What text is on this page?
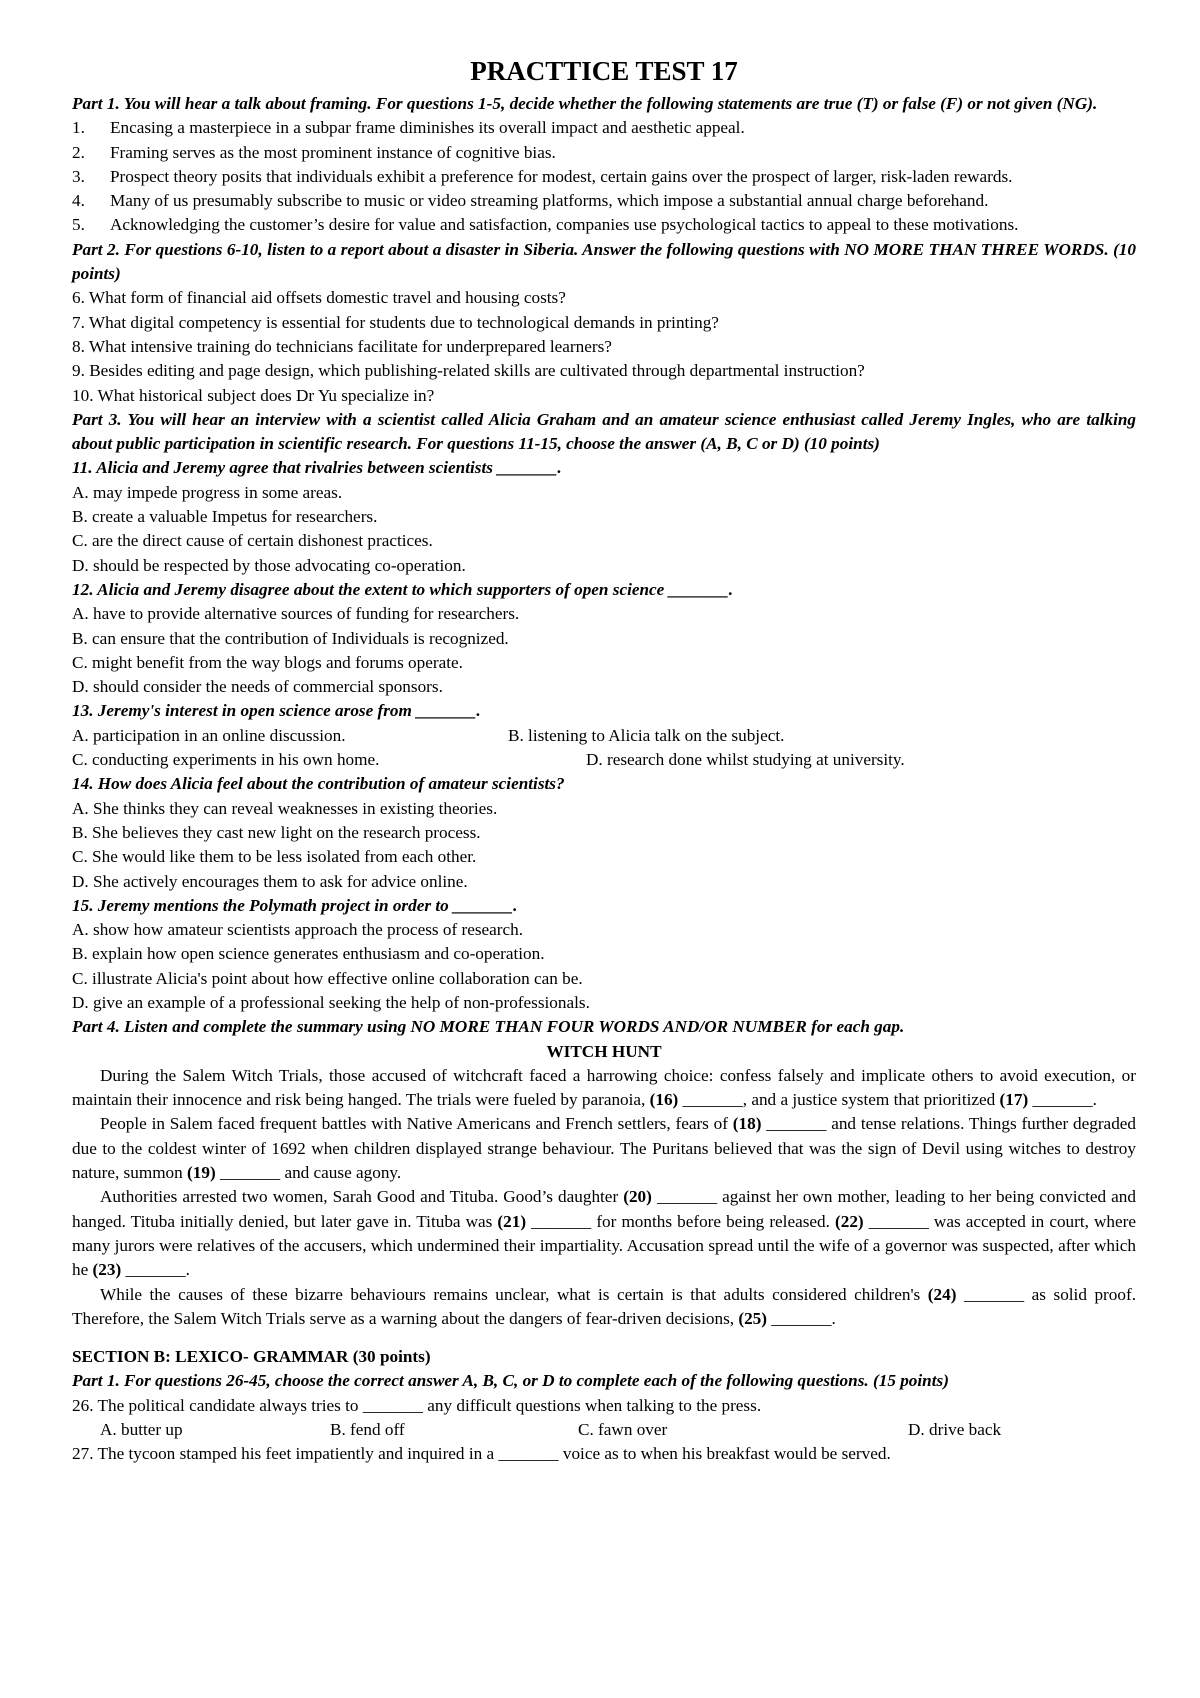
PRACTTICE TEST 17
Part 1. You will hear a talk about framing. For questions 1-5, decide whether the following statements are true (T) or false (F) or not given (NG).
1.	Encasing a masterpiece in a subpar frame diminishes its overall impact and aesthetic appeal.
2.	Framing serves as the most prominent instance of cognitive bias.
3.	Prospect theory posits that individuals exhibit a preference for modest, certain gains over the prospect of larger, risk-laden rewards.
4.	Many of us presumably subscribe to music or video streaming platforms, which impose a substantial annual charge beforehand.
5.	Acknowledging the customer’s desire for value and satisfaction, companies use psychological tactics to appeal to these motivations.
Part 2. For questions 6-10, listen to a report about a disaster in Siberia. Answer the following questions with NO MORE THAN THREE WORDS. (10 points)
6. What form of financial aid offsets domestic travel and housing costs?
7. What digital competency is essential for students due to technological demands in printing?
8. What intensive training do technicians facilitate for underprepared learners?
9. Besides editing and page design, which publishing-related skills are cultivated through departmental instruction?
10. What historical subject does Dr Yu specialize in?
Part 3. You will hear an interview with a scientist called Alicia Graham and an amateur science enthusiast called Jeremy Ingles, who are talking about public participation in scientific research. For questions 11-15, choose the answer (A, B, C or D) (10 points)
11. Alicia and Jeremy agree that rivalries between scientists _______.
A. may impede progress in some areas.
B. create a valuable Impetus for researchers.
C. are the direct cause of certain dishonest practices.
D. should be respected by those advocating co-operation.
12. Alicia and Jeremy disagree about the extent to which supporters of open science _______.
A. have to provide alternative sources of funding for researchers.
B. can ensure that the contribution of Individuals is recognized.
C. might benefit from the way blogs and forums operate.
D. should consider the needs of commercial sponsors.
13. Jeremy's interest in open science arose from _______.
A. participation in an online discussion.	B. listening to Alicia talk on the subject.
C. conducting experiments in his own home.	D. research done whilst studying at university.
14. How does Alicia feel about the contribution of amateur scientists?
A. She thinks they can reveal weaknesses in existing theories.
B. She believes they cast new light on the research process.
C. She would like them to be less isolated from each other.
D. She actively encourages them to ask for advice online.
15. Jeremy mentions the Polymath project in order to _______.
A. show how amateur scientists approach the process of research.
B. explain how open science generates enthusiasm and co-operation.
C. illustrate Alicia's point about how effective online collaboration can be.
D. give an example of a professional seeking the help of non-professionals.
Part 4. Listen and complete the summary using NO MORE THAN FOUR WORDS AND/OR NUMBER for each gap.
WITCH HUNT
During the Salem Witch Trials, those accused of witchcraft faced a harrowing choice: confess falsely and implicate others to avoid execution, or maintain their innocence and risk being hanged. The trials were fueled by paranoia, (16) _______, and a justice system that prioritized (17) _______.
People in Salem faced frequent battles with Native Americans and French settlers, fears of (18) _______ and tense relations. Things further degraded due to the coldest winter of 1692 when children displayed strange behaviour. The Puritans believed that was the sign of Devil using witches to destroy nature, summon (19) _______ and cause agony.
Authorities arrested two women, Sarah Good and Tituba. Good’s daughter (20) _______ against her own mother, leading to her being convicted and hanged. Tituba initially denied, but later gave in. Tituba was (21) _______ for months before being released. (22) _______ was accepted in court, where many jurors were relatives of the accusers, which undermined their impartiality. Accusation spread until the wife of a governor was suspected, after which he (23) _______.
While the causes of these bizarre behaviours remains unclear, what is certain is that adults considered children's (24) _______ as solid proof. Therefore, the Salem Witch Trials serve as a warning about the dangers of fear-driven decisions, (25) _______.
SECTION B: LEXICO- GRAMMAR (30 points)
Part 1. For questions 26-45, choose the correct answer A, B, C, or D to complete each of the following questions. (15 points)
26. The political candidate always tries to _______ any difficult questions when talking to the press.
A. butter up	B. fend off	C. fawn over	D. drive back
27. The tycoon stamped his feet impatiently and inquired in a _______ voice as to when his breakfast would be served.
